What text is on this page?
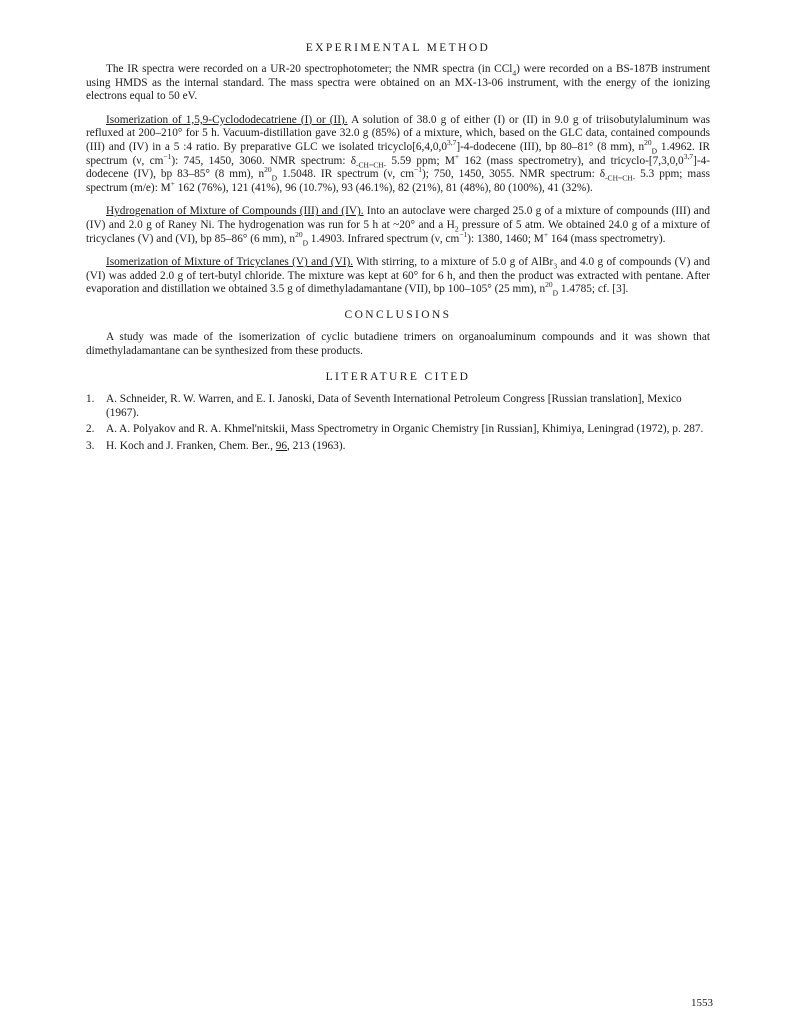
EXPERIMENTAL METHOD

The IR spectra were recorded on a UR-20 spectrophotometer; the NMR spectra (in CCl$_4$) were recorded on a BS-187B instrument using HMDS as the internal standard. The mass spectra were obtained on an MX-13-06 instrument, with the energy of the ionizing electrons equal to 50 eV.

Isomerization of 1,5,9-Cyclododecatriene (I) or (II). A solution of 38.0 g of either (I) or (II) in 9.0 g of triisobutylaluminum was refluxed at 200–210° for 5 h. Vacuum-distillation gave 32.0 g (85%) of a mixture, which, based on the GLC data, contained compounds (III) and (IV) in a 5 :4 ratio. By preparative GLC we isolated tricyclo[6,4,0,0$^{3,7}$]-4-dodecene (III), bp 80–81° (8 mm), $n^{20}_D$ 1.4962. IR spectrum (ν, $cm^{-1}$): 745, 1450, 3060. NMR spectrum: $\delta_{-CH=CH-}$ 5.59 ppm; M+ 162 (mass spectrometry), and tricyclo-[7,3,0,0$^{3,7}$]-4-dodecene (IV), bp 83–85° (8 mm), $n^{20}_D$ 1.5048. IR spectrum (ν, $cm^{-1}$); 750, 1450, 3055. NMR spectrum: $\delta_{-CH=CH-}$ 5.3 ppm; mass spectrum (m/e): M+ 162 (76%), 121 (41%), 96 (10.7%), 93 (46.1%), 82 (21%), 81 (48%), 80 (100%), 41 (32%).

Hydrogenation of Mixture of Compounds (III) and (IV). Into an autoclave were charged 25.0 g of a mixture of compounds (III) and (IV) and 2.0 g of Raney Ni. The hydrogenation was run for 5 h at ~20° and a $H_2$ pressure of 5 atm. We obtained 24.0 g of a mixture of tricyclanes (V) and (VI), bp 85–86° (6 mm), $n^{20}_D$ 1.4903. Infrared spectrum (ν, $cm^{-1}$): 1380, 1460; M+ 164 (mass spectrometry).

Isomerization of Mixture of Tricyclanes (V) and (VI). With stirring, to a mixture of 5.0 g of AlBr$_3$ and 4.0 g of compounds (V) and (VI) was added 2.0 g of tert-butyl chloride. The mixture was kept at 60° for 6 h, and then the product was extracted with pentane. After evaporation and distillation we obtained 3.5 g of dimethyladamantane (VII), bp 100–105° (25 mm), $n^{20}_D$ 1.4785; cf. [3].

CONCLUSIONS

A study was made of the isomerization of cyclic butadiene trimers on organoaluminum compounds and it was shown that dimethyladamantane can be synthesized from these products.

LITERATURE CITED
1. A. Schneider, R. W. Warren, and E. I. Janoski, Data of Seventh International Petroleum Congress [Russian translation], Mexico (1967).
2. A. A. Polyakov and R. A. Khmel'nitskii, Mass Spectrometry in Organic Chemistry [in Russian], Khimiya, Leningrad (1972), p. 287.
3. H. Koch and J. Franken, Chem. Ber., 96, 213 (1963).
1553
